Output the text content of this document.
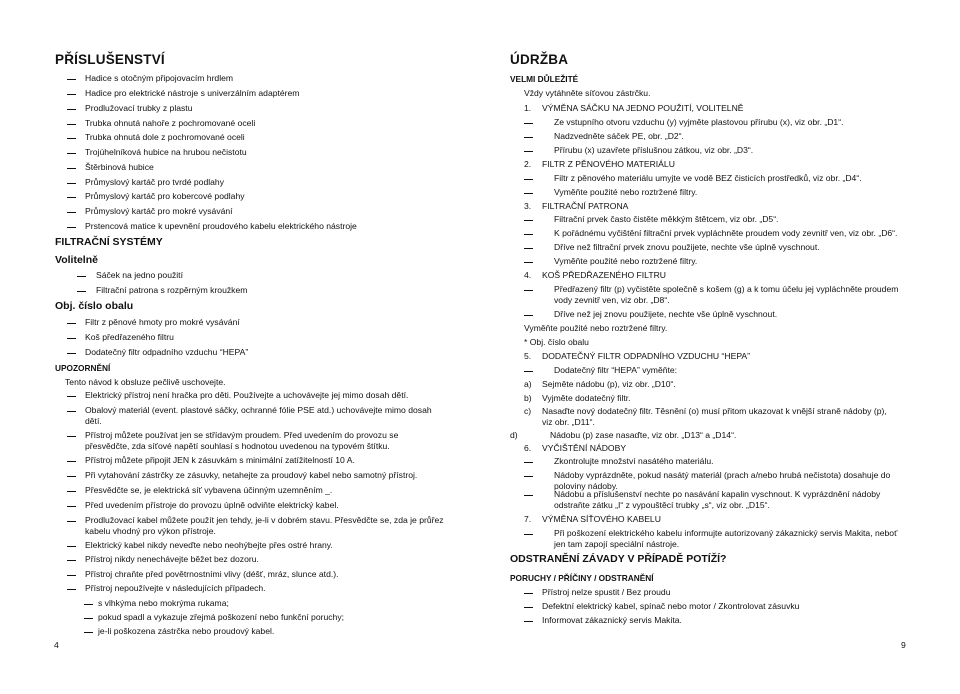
PŘÍSLUŠENSTVÍ
Hadice s otočným připojovacím hrdlem
Hadice pro elektrické nástroje s univerzálním adaptérem
Prodlužovací trubky z plastu
Trubka ohnutá nahoře z pochromované oceli
Trubka ohnutá dole z pochromované oceli
Trojúhelníková hubice na hrubou nečistotu
Štěrbinová hubice
Průmyslový kartáč pro tvrdé podlahy
Průmyslový kartáč pro kobercové podlahy
Průmyslový kartáč pro mokré vysávání
Prstencová matice k upevnění proudového kabelu elektrického nástroje
FILTRAČNÍ SYSTÉMY
Volitelně
Sáček na jedno použití
Filtrační patrona s rozpěrným kroužkem
Obj. číslo obalu
Filtr z pěnové hmoty pro mokré vysávání
Koš předřazeného filtru
Dodatečný filtr odpadního vzduchu “HEPA”
UPOZORNĚNÍ
Tento návod k obsluze pečlivě uschovejte.
Elektrický přístroj není hračka pro děti. Používejte a uchovávejte jej mimo dosah dětí.
Obalový materiál (event. plastové sáčky, ochranné fólie PSE atd.) uchovávejte mimo dosah
dětí.
Přístroj můžete používat jen se střídavým proudem. Před uvedením do provozu se
přesvědčte, zda síťové napětí souhlasí s hodnotou uvedenou na typovém štítku.
Přístroj můžete připojit JEN k zásuvkám s minimální zatížitelností 10 A.
Při vytahování zástrčky ze zásuvky, netahejte za proudový kabel nebo samotný přístroj.
Přesvědčte se, je elektrická síť vybavena účinným uzemněním _.
Před uvedením přístroje do provozu úplně odviňte elektrický kabel.
Prodlužovací kabel můžete použít jen tehdy, je-li v dobrém stavu. Přesvědčte se, zda je průřez
kabelu vhodný pro výkon přístroje.
Elektrický kabel nikdy neveďte nebo neohýbejte přes ostré hrany.
Přístroj nikdy nenechávejte běžet bez dozoru.
Přístroj chraňte před povětrnostními vlivy (déšť, mráz, slunce atd.).
Přístroj nepoužívejte v následujících případech.
s vlhkýma nebo mokrýma rukama;
pokud spadl a vykazuje zřejmá poškození nebo funkční poruchy;
je-li poškozena zástrčka nebo proudový kabel.
4
ÚDRŽBA
VELMI DŮLEŽITÉ
Vždy vytáhněte síťovou zástrčku.
1. VÝMĚNA SÁČKU NA JEDNO POUŽITÍ, VOLITELNĚ
Ze vstupního otvoru vzduchu (y) vyjměte plastovou přírubu (x), viz obr. „D1“.
Nadzvedněte sáček PE, obr. „D2“.
Přírubu (x) uzavřete příslušnou zátkou, viz obr. „D3“.
2. FILTR Z PĚNOVÉHO MATERIÁLU
Filtr z pěnového materiálu umyjte ve vodě BEZ čisticích prostředků, viz obr. „D4“.
Vyměňte použité nebo roztržené filtry.
3. FILTRAČNÍ PATRONA
Filtrační prvek často čistěte měkkým štětcem, viz obr. „D5“.
K pořádnému vyčištění filtrační prvek vypláchněte proudem vody zevnitř ven, viz obr. „D6“.
Dříve než filtrační prvek znovu použijete, nechte vše úplně vyschnout.
Vyměňte použité nebo roztržené filtry.
4. KOŠ PŘEDŘAZENÉHO FILTRU
Předřazený filtr (p) vyčistěte společně s košem (g) a k tomu účelu jej vypláchněte proudem
vody zevnitř ven, viz obr. „D8“.
Dříve než jej znovu použijete, nechte vše úplně vyschnout.
Vyměňte použité nebo roztržené filtry.
* Obj. číslo obalu
5. DODATEČNÝ FILTR ODPADNÍHO VZDUCHU “HEPA”
Dodatečný filtr “HEPA” vyměňte:
a) Sejměte nádobu (p), viz obr. „D10“.
b) Vyjměte dodatečný filtr.
c) Nasaďte nový dodatečný filtr. Těsnění (o) musí přitom ukazovat k vnější straně nádoby (p),
viz obr. „D11“.
d)	Nádobu (p) zase nasaďte, viz obr. „D13“ a „D14“.
6. VYČIŠTĚNÍ NÁDOBY
Zkontrolujte množství nasátého materiálu.
Nádoby vyprázdněte, pokud nasátý materiál (prach a/nebo hrubá nečistota) dosahuje do
poloviny nádoby.
Nádobu a příslušenství nechte po nasávání kapalin vyschnout. K vyprázdnění nádoby
odstraňte zátku „I“ z vypouštěcí trubky „s“, viz obr. „D15“.
7. VÝMĚNA SÍŤOVÉHO KABELU
Při poškození elektrického kabelu informujte autorizovaný zákaznický servis Makita, neboť
jen tam zapojí speciální nástroje.
ODSTRANĚNÍ ZÁVADY V PŘÍPADĚ POTÍŽÍ?
PORUCHY / PŘÍČINY / ODSTRANĚNÍ
Přístroj nelze spustit / Bez proudu
Defektní elektrický kabel, spínač nebo motor / Zkontrolovat zásuvku
Informovat zákaznický servis Makita.
9
